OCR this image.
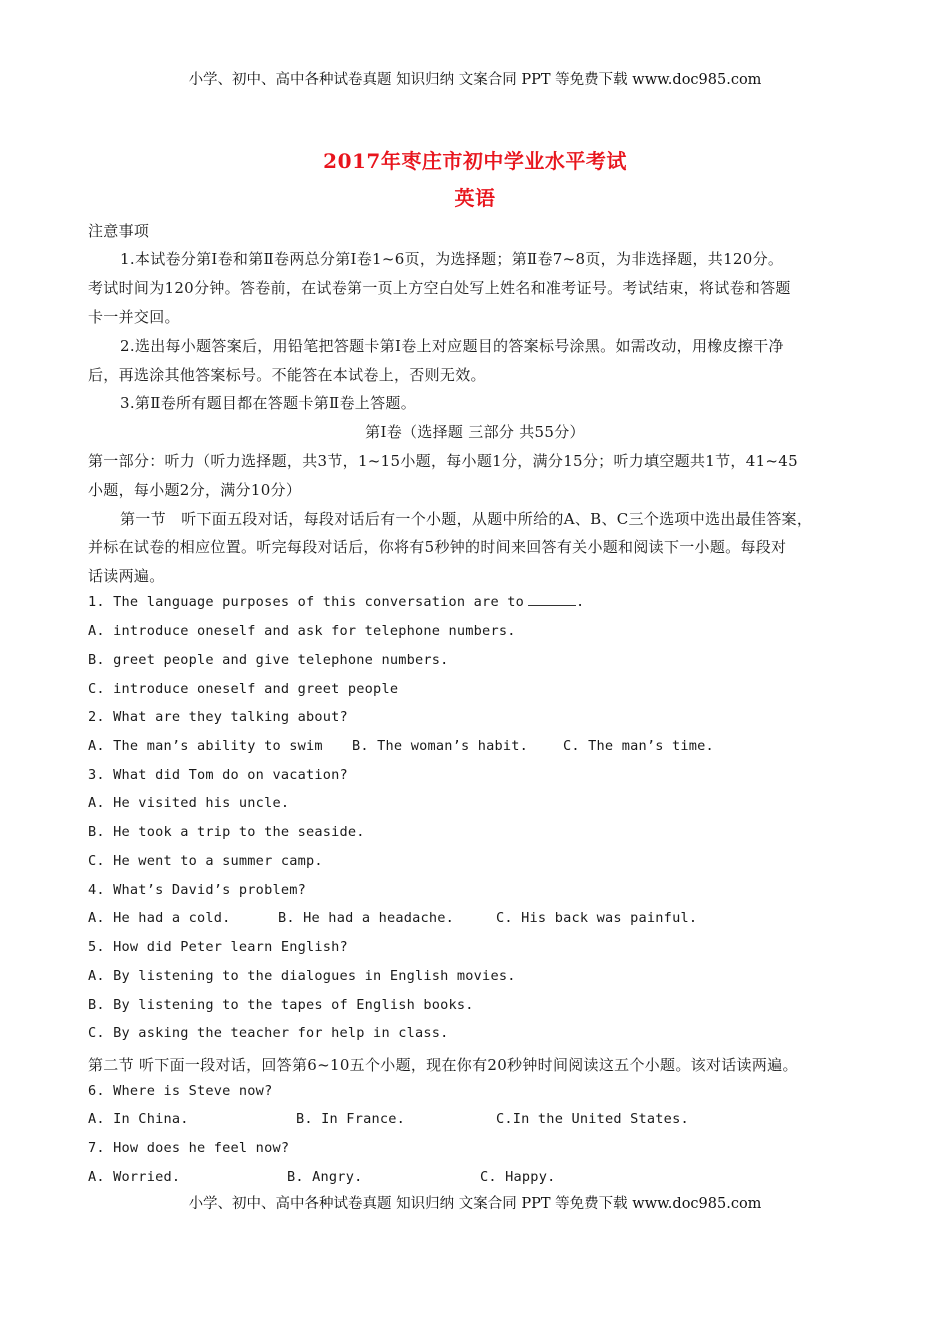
小学、初中、高中各种试卷真题 知识归纳 文案合同 PPT 等免费下载 www.doc985.com
2017年枣庄市初中学业水平考试
英语
注意事项
1.本试卷分第Ⅰ卷和第Ⅱ卷两总分第Ⅰ卷1~6页，为选择题；第Ⅱ卷7~8页，为非选择题，共120分。
考试时间为120分钟。答卷前，在试卷第一页上方空白处写上姓名和准考证号。考试结束，将试卷和答题
卡一并交回。
2.选出每小题答案后，用铅笔把答题卡第Ⅰ卷上对应题目的答案标号涂黑。如需改动，用橡皮擦干净
后，再选涂其他答案标号。不能答在本试卷上，否则无效。
3.第Ⅱ卷所有题目都在答题卡第Ⅱ卷上答题。
第Ⅰ卷（选择题 三部分 共55分）
第一部分：听力（听力选择题，共3节，1~15小题，每小题1分，满分15分；听力填空题共1节，41~45
小题，每小题2分，满分10分）
第一节　听下面五段对话，每段对话后有一个小题，从题中所给的A、B、C三个选项中选出最佳答案，
并标在试卷的相应位置。听完每段对话后，你将有5秒钟的时间来回答有关小题和阅读下一小题。每段对
话读两遍。
1. The language purposes of this conversation are to	.
A. introduce oneself and ask for telephone numbers.
B. greet people and give telephone numbers.
C. introduce oneself and greet people
2. What are they talking about?
A. The man’s ability to swim B. The woman’s habit.	C. The man’s time.
3. What did Tom do on vacation?
A. He visited his uncle.
B. He took a trip to the seaside.
C. He went to a summer camp.
4. What’s David’s problem?
A. He had a cold.	B. He had a headache.	C. His back was painful.
5. How did Peter learn English?
A. By listening to the dialogues in English movies.
B. By listening to the tapes of English books.
C. By asking the teacher for help in class.
第二节 听下面一段对话，回答第6~10五个小题，现在你有20秒钟时间阅读这五个小题。该对话读两遍。
6. Where is Steve now?
A. In China.	B. In France.	C.In the United States.
7. How does he feel now?
A. Worried.	B. Angry.	C. Happy.
小学、初中、高中各种试卷真题 知识归纳 文案合同 PPT 等免费下载 www.doc985.com
